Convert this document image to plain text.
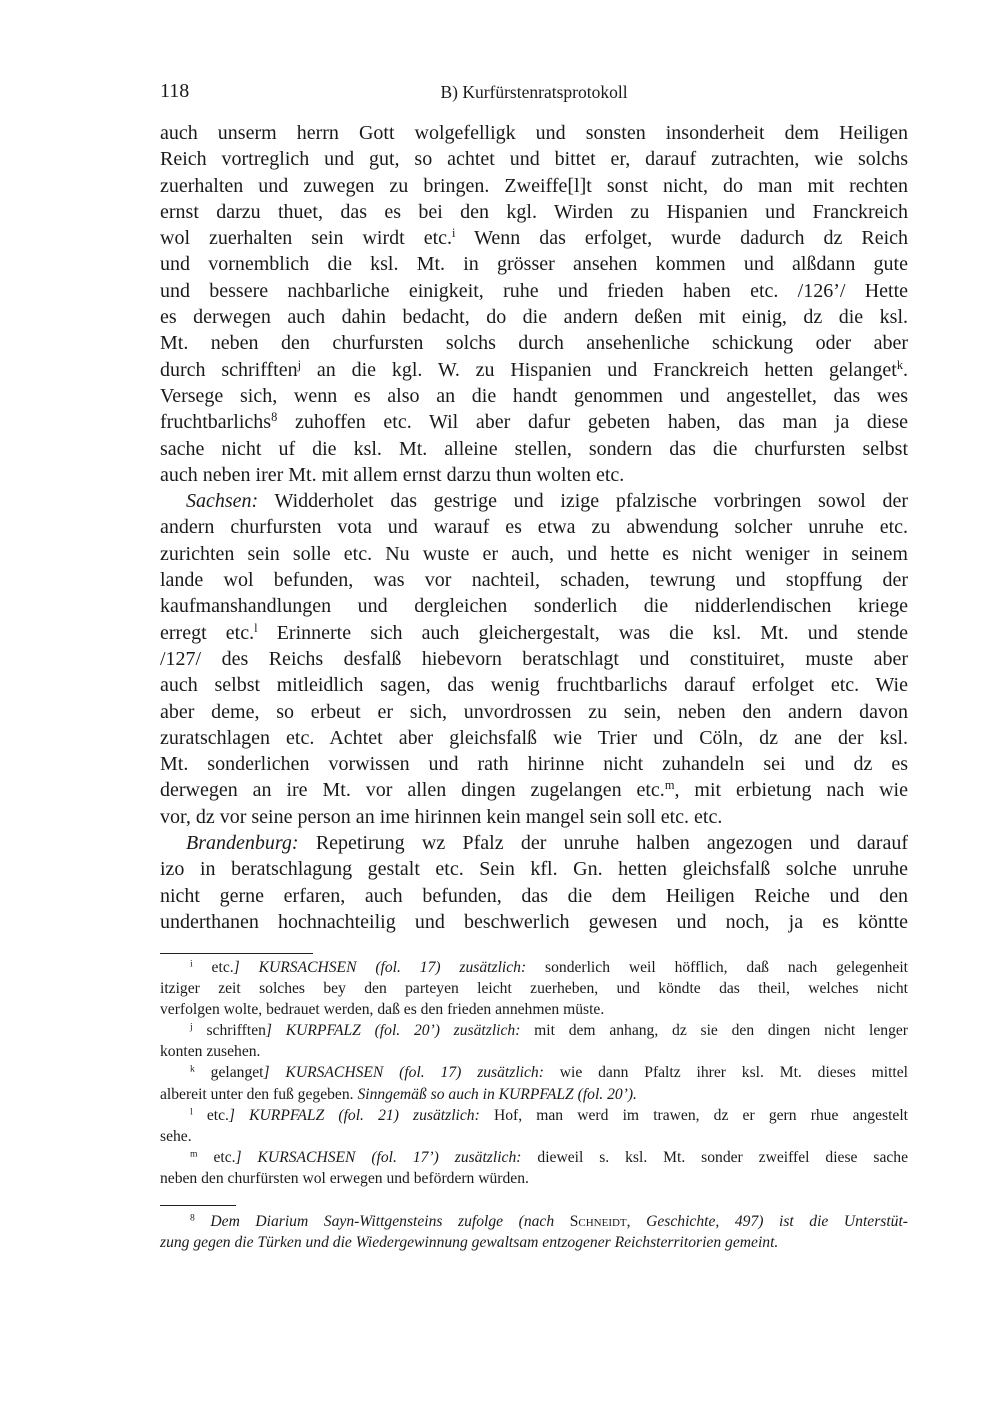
118	B) Kurfürstenratsprotokoll
auch unserm herrn Gott wolgefelligk und sonsten insonderheit dem Heiligen
Reich vortreglich und gut, so achtet und bittet er, darauf zutrachten, wie solchs
zuerhalten und zuwegen zu bringen. Zweiffe[l]t sonst nicht, do man mit rechten
ernst darzu thuet, das es bei den kgl. Wirden zu Hispanien und Franckreich
wol zuerhalten sein wirdt etc.$^i$ Wenn das erfolget, wurde dadurch dz Reich
und vornemblich die ksl. Mt. in grösser ansehen kommen und alßdann gute
und bessere nachbarliche einigkeit, ruhe und frieden haben etc. /126’/ Hette
es derwegen auch dahin bedacht, do die andern deßen mit einig, dz die ksl.
Mt. neben den churfursten solchs durch ansehenliche schickung oder aber
durch schrifften$^j$ an die kgl. W. zu Hispanien und Franckreich hetten gelanget$^k$.
Versege sich, wenn es also an die handt genommen und angestellet, das wes
fruchtbarlichs$^8$ zuhoffen etc. Wil aber dafur gebeten haben, das man ja diese
sache nicht uf die ksl. Mt. alleine stellen, sondern das die churfursten selbst
auch neben irer Mt. mit allem ernst darzu thun wolten etc.
Sachsen: Widderholet das gestrige und izige pfalzische vorbringen sowol der
andern churfursten vota und warauf es etwa zu abwendung solcher unruhe etc.
zurichten sein solle etc. Nu wuste er auch, und hette es nicht weniger in seinem
lande wol befunden, was vor nachteil, schaden, tewrung und stopffung der
kaufmanshandlungen und dergleichen sonderlich die nidderlendischen kriege
erregt etc.$^l$ Erinnerte sich auch gleichergestalt, was die ksl. Mt. und stende
/127/ des Reichs desfalß hiebevorn beratschlagt und constituiret, muste aber
auch selbst mitleidlich sagen, das wenig fruchtbarlichs darauf erfolget etc. Wie
aber deme, so erbeut er sich, unvordrossen zu sein, neben den andern davon
zuratschlagen etc. Achtet aber gleichsfalß wie Trier und Cöln, dz ane der ksl.
Mt. sonderlichen vorwissen und rath hirinne nicht zuhandeln sei und dz es
derwegen an ire Mt. vor allen dingen zugelangen etc.$^m$, mit erbietung nach wie
vor, dz vor seine person an ime hirinnen kein mangel sein soll etc. etc.
Brandenburg: Repetirung wz Pfalz der unruhe halben angezogen und darauf
izo in beratschlagung gestalt etc. Sein kfl. Gn. hetten gleichsfalß solche unruhe
nicht gerne erfaren, auch befunden, das die dem Heiligen Reiche und den
underthanen hochnachteilig und beschwerlich gewesen und noch, ja es köntte
$^i$ etc.] KURSACHSEN (fol. 17) zusätzlich: sonderlich weil höfflich, daß nach gelegenheit
itziger zeit solches bey den parteyen leicht zuerheben, und köndte das theil, welches nicht
verfolgen wolte, bedrauet werden, daß es den frieden annehmen müste.
$^j$ schrifften] KURPFALZ (fol. 20’) zusätzlich: mit dem anhang, dz sie den dingen nicht lenger
konten zusehen.
$^k$ gelanget] KURSACHSEN (fol. 17) zusätzlich: wie dann Pfaltz ihrer ksl. Mt. dieses mittel
albereit unter den fuß gegeben. Sinngemäß so auch in KURPFALZ (fol. 20’).
$^l$ etc.] KURPFALZ (fol. 21) zusätzlich: Hof, man werd im trawen, dz er gern rhue angestelt
sehe.
$^m$ etc.] KURSACHSEN (fol. 17’) zusätzlich: dieweil s. ksl. Mt. sonder zweiffel diese sache
neben den churfürsten wol erwegen und befördern würden.
$^8$ Dem Diarium Sayn-Wittgensteins zufolge (nach Schneidt, Geschichte, 497) ist die Unterstüt-
zung gegen die Türken und die Wiedergewinnung gewaltsam entzogener Reichsterritorien gemeint.
